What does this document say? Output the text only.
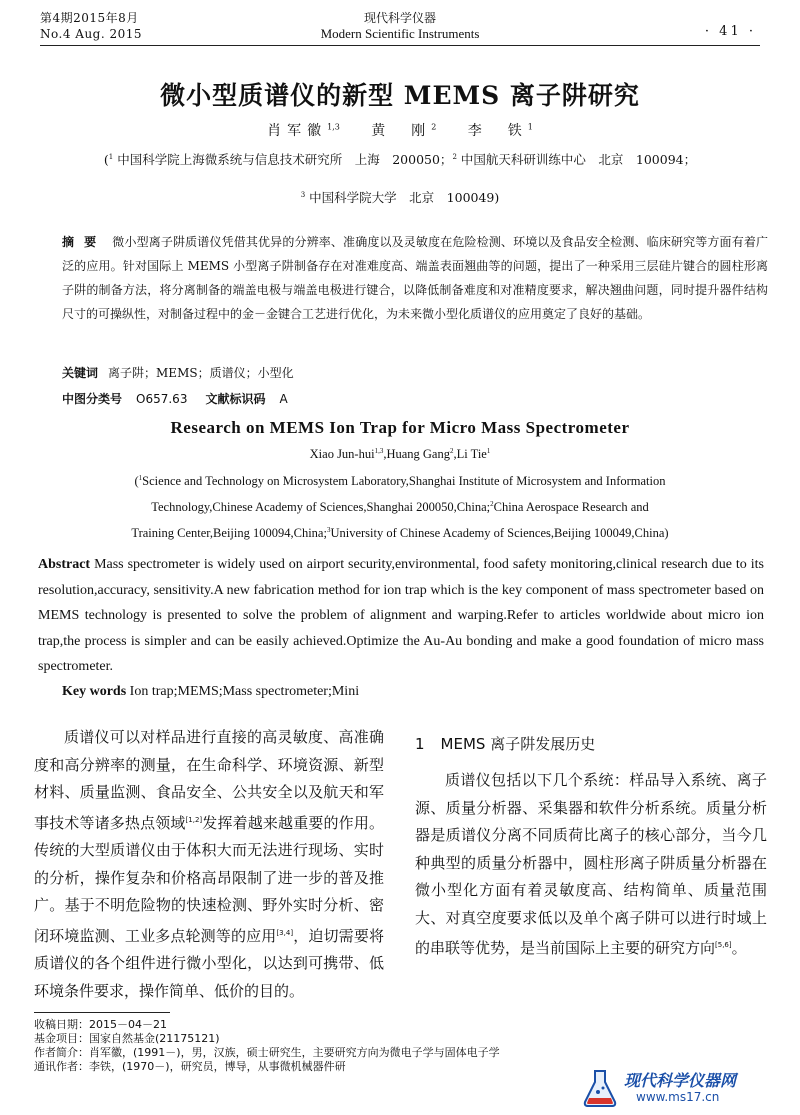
第4期2015年8月
No.4 Aug. 2015
现代科学仪器
Modern Scientific Instruments	· 41 ·
微小型质谱仪的新型 MEMS 离子阱研究
肖军徽$^{1,3}$ 黄　刚$^2$ 李　铁$^1$
($^1$ 中国科学院上海微系统与信息技术研究所　上海　200050；$^2$ 中国航天科研训练中心　北京　100094；
$^3$ 中国科学院大学　北京　100049)
摘要 微小型离子阱质谱仪凭借其优异的分辨率、准确度以及灵敏度在危险检测、环境以及食品安全检测、临床研究等方面有着广泛的应用。针对国际上 MEMS 小型离子阱制备存在对准难度高、端盖表面翘曲等的问题，提出了一种采用三层硅片键合的圆柱形离子阱的制备方法，将分离制备的端盖电极与端盖电极进行键合，以降低制备难度和对准精度要求，解决翘曲问题，同时提升器件结构尺寸的可操纵性，对制备过程中的金－金键合工艺进行优化，为未来微小型化质谱仪的应用奠定了良好的基础。
关键词 离子阱；MEMS；质谱仪；小型化
中图分类号 O657.63 文献标识码 A
Research on MEMS Ion Trap for Micro Mass Spectrometer
Xiao Jun-hui$^{1,3}$,Huang Gang$^2$,Li Tie$^1$
($^1$Science and Technology on Microsystem Laboratory,Shanghai Institute of Microsystem and Information
Technology,Chinese Academy of Sciences,Shanghai 200050,China;$^2$China Aerospace Research and
Training Center,Beijing 100094,China;$^3$University of Chinese Academy of Sciences,Beijing 100049,China)
Abstract Mass spectrometer is widely used on airport security,environmental, food safety monitoring,clinical research due to its resolution,accuracy, sensitivity.A new fabrication method for ion trap which is the key component of mass spectrometer based on MEMS technology is presented to solve the problem of alignment and warping.Refer to articles worldwide about micro ion trap,the process is simpler and can be easily achieved.Optimize the Au-Au bonding and make a good foundation of micro mass spectrometer.
Key words Ion trap;MEMS;Mass spectrometer;Mini
质谱仪可以对样品进行直接的高灵敏度、高准确度和高分辨率的测量，在生命科学、环境资源、新型材料、质量监测、食品安全、公共安全以及航天和军事技术等诸多热点领域[1,2]发挥着越来越重要的作用。传统的大型质谱仪由于体积大而无法进行现场、实时的分析，操作复杂和价格高昂限制了进一步的普及推广。基于不明危险物的快速检测、野外实时分析、密闭环境监测、工业多点轮测等的应用[3,4]，迫切需要将质谱仪的各个组件进行微小型化，以达到可携带、低环境条件要求，操作简单、低价的目的。
1 MEMS 离子阱发展历史
质谱仪包括以下几个系统：样品导入系统、离子源、质量分析器、采集器和软件分析系统。质量分析器是质谱仪分离不同质荷比离子的核心部分，当今几种典型的质量分析器中，圆柱形离子阱质量分析器在微小型化方面有着灵敏度高、结构简单、质量范围大、对真空度要求低以及单个离子阱可以进行时域上的串联等优势，是当前国际上主要的研究方向[5,6]。
收稿日期：2015－04－21
基金项目：国家自然基金(21175121)
作者简介：肖军徽，(1991－)，男，汉族，硕士研究生，主要研究方向为微电子学与固体电子学
通讯作者：李铁，(1970－)，研究员，博导，从事微机械器件研
现代科学仪器网
www.ms17.cn
